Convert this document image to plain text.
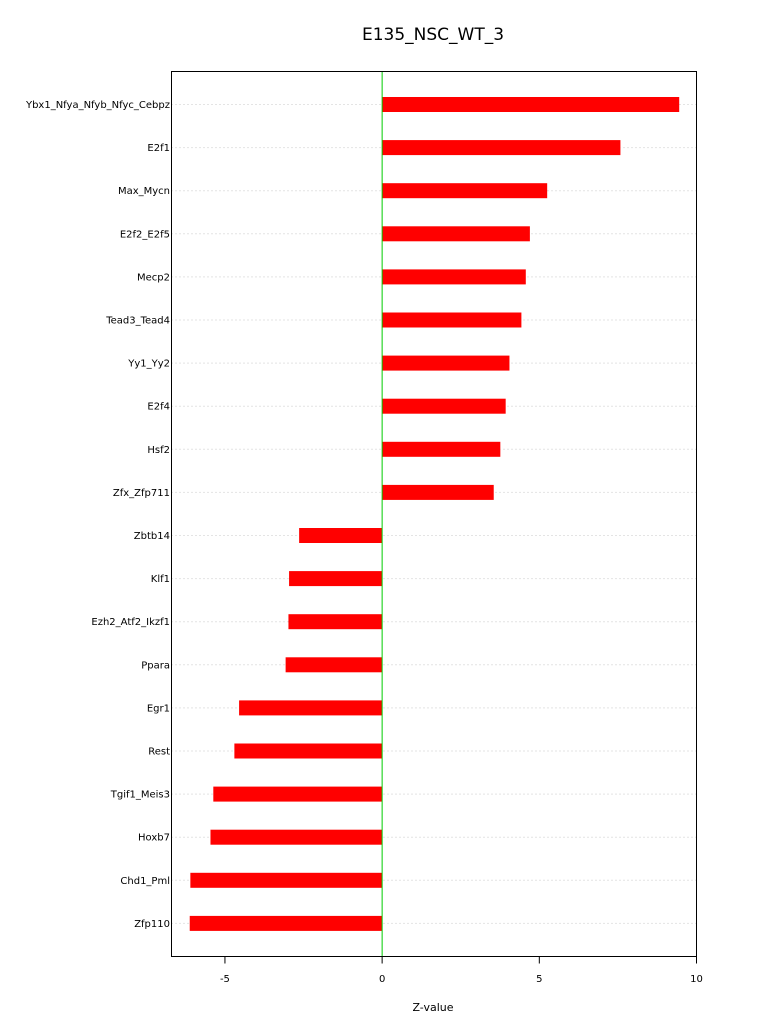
E135_NSC_WT_3
Ybx1_Nfya_Nfyb_Nfyc_Cebpz
E2f1
Max_Mycn
E2f2_E2f5
Mecp2
Tead3_Tead4
Yy1_Yy2
E2f4
Hsf2
Zfx_Zfp711
Zbtb14
Klf1
Ezh2_Atf2_Ikzf1
Ppara
Egr1
Rest
Tgif1_Meis3
Hoxb7
Chd1_Pml
Zfp110
-5	0	5	10
Z-value
